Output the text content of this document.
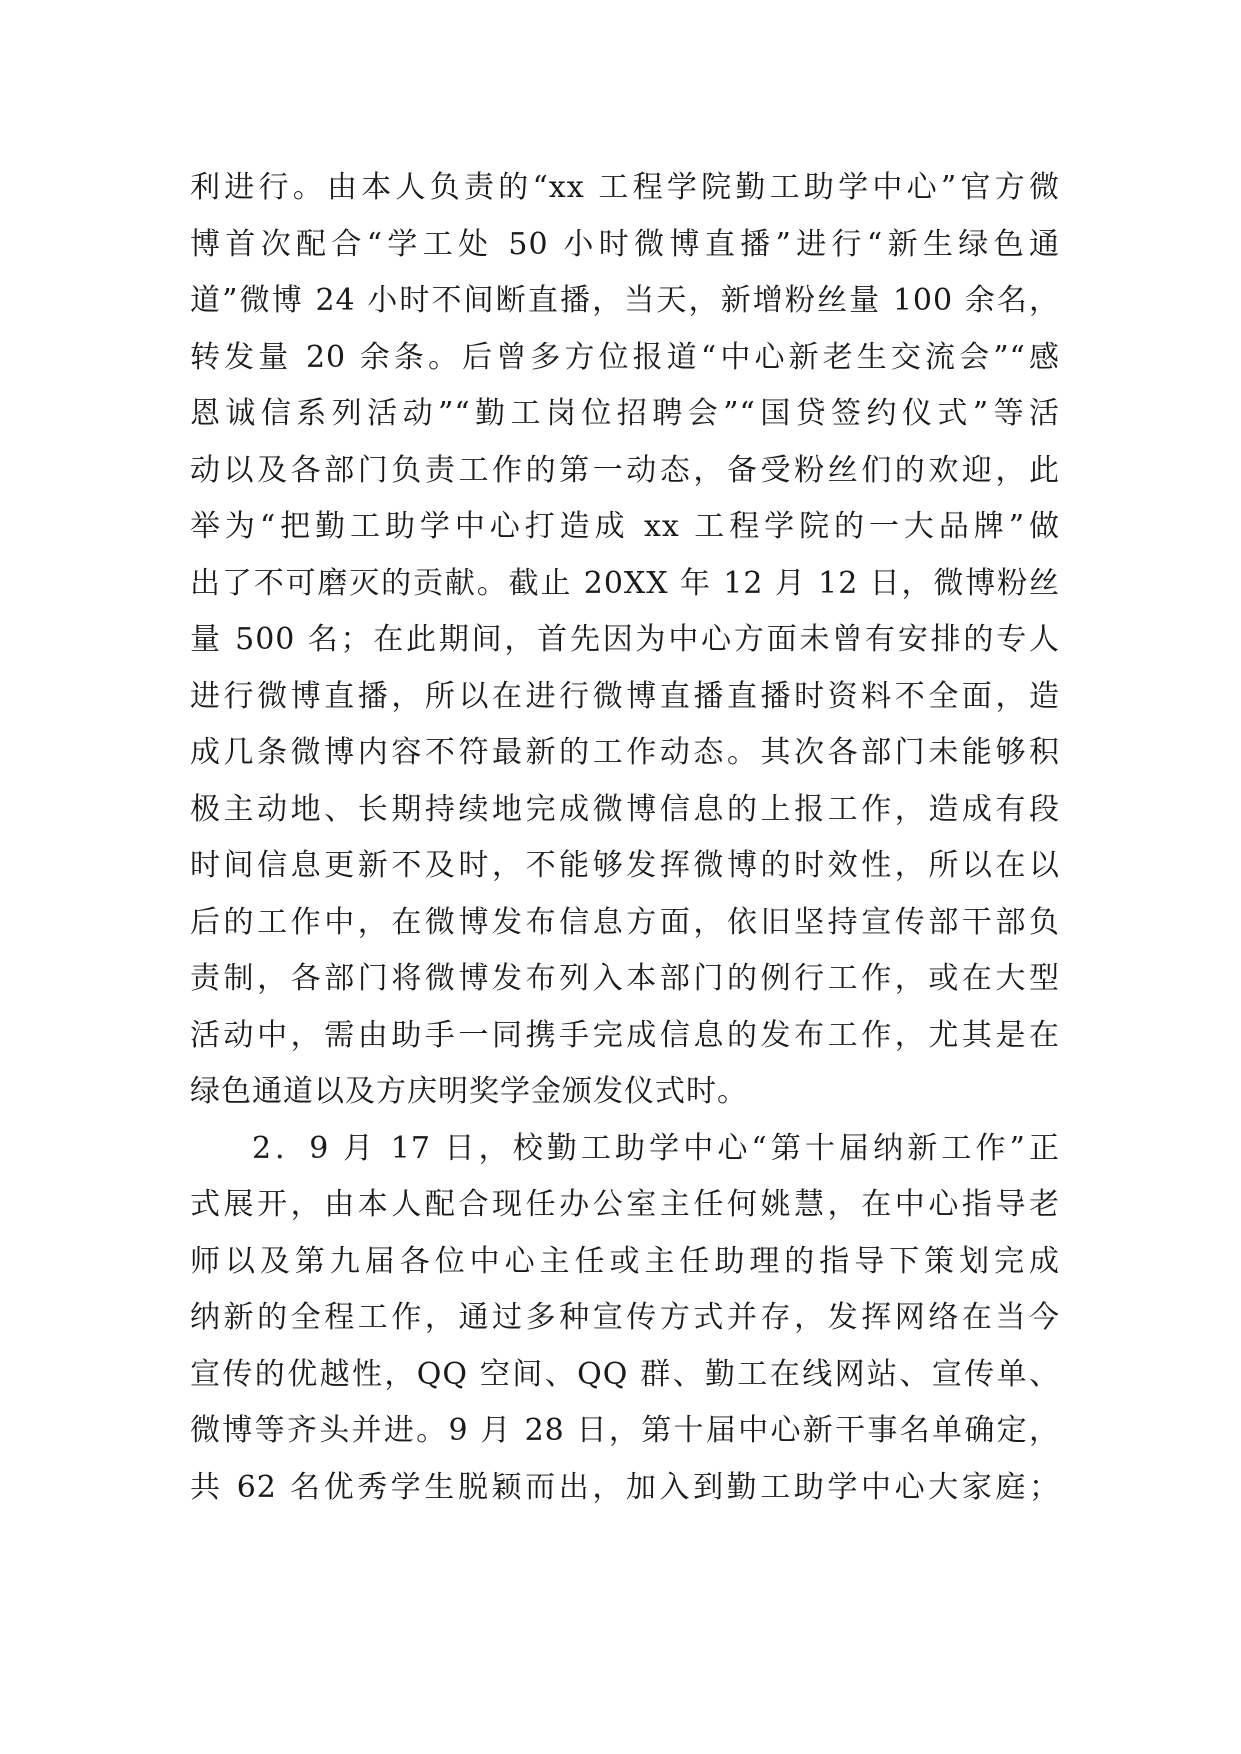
利进行。由本人负责的“xx 工程学院勤工助学中心”官方微
博首次配合“学工处 50 小时微博直播”进行“新生绿色通
道”微博 24 小时不间断直播，当天，新增粉丝量 100 余名，
转发量 20 余条。后曾多方位报道“中心新老生交流会”“感
恩诚信系列活动”“勤工岗位招聘会”“国贷签约仪式”等活
动以及各部门负责工作的第一动态，备受粉丝们的欢迎，此
举为“把勤工助学中心打造成 xx 工程学院的一大品牌”做
出了不可磨灭的贡献。截止 20XX 年 12 月 12 日，微博粉丝
量 500 名；在此期间，首先因为中心方面未曾有安排的专人
进行微博直播，所以在进行微博直播直播时资料不全面，造
成几条微博内容不符最新的工作动态。其次各部门未能够积
极主动地、长期持续地完成微博信息的上报工作，造成有段
时间信息更新不及时，不能够发挥微博的时效性，所以在以
后的工作中，在微博发布信息方面，依旧坚持宣传部干部负
责制，各部门将微博发布列入本部门的例行工作，或在大型
活动中，需由助手一同携手完成信息的发布工作，尤其是在
绿色通道以及方庆明奖学金颁发仪式时。
2．9 月 17 日，校勤工助学中心“第十届纳新工作”正
式展开，由本人配合现任办公室主任何姚慧，在中心指导老
师以及第九届各位中心主任或主任助理的指导下策划完成
纳新的全程工作，通过多种宣传方式并存，发挥网络在当今
宣传的优越性，QQ 空间、QQ 群、勤工在线网站、宣传单、
微博等齐头并进。9 月 28 日，第十届中心新干事名单确定，
共 62 名优秀学生脱颖而出，加入到勤工助学中心大家庭；
